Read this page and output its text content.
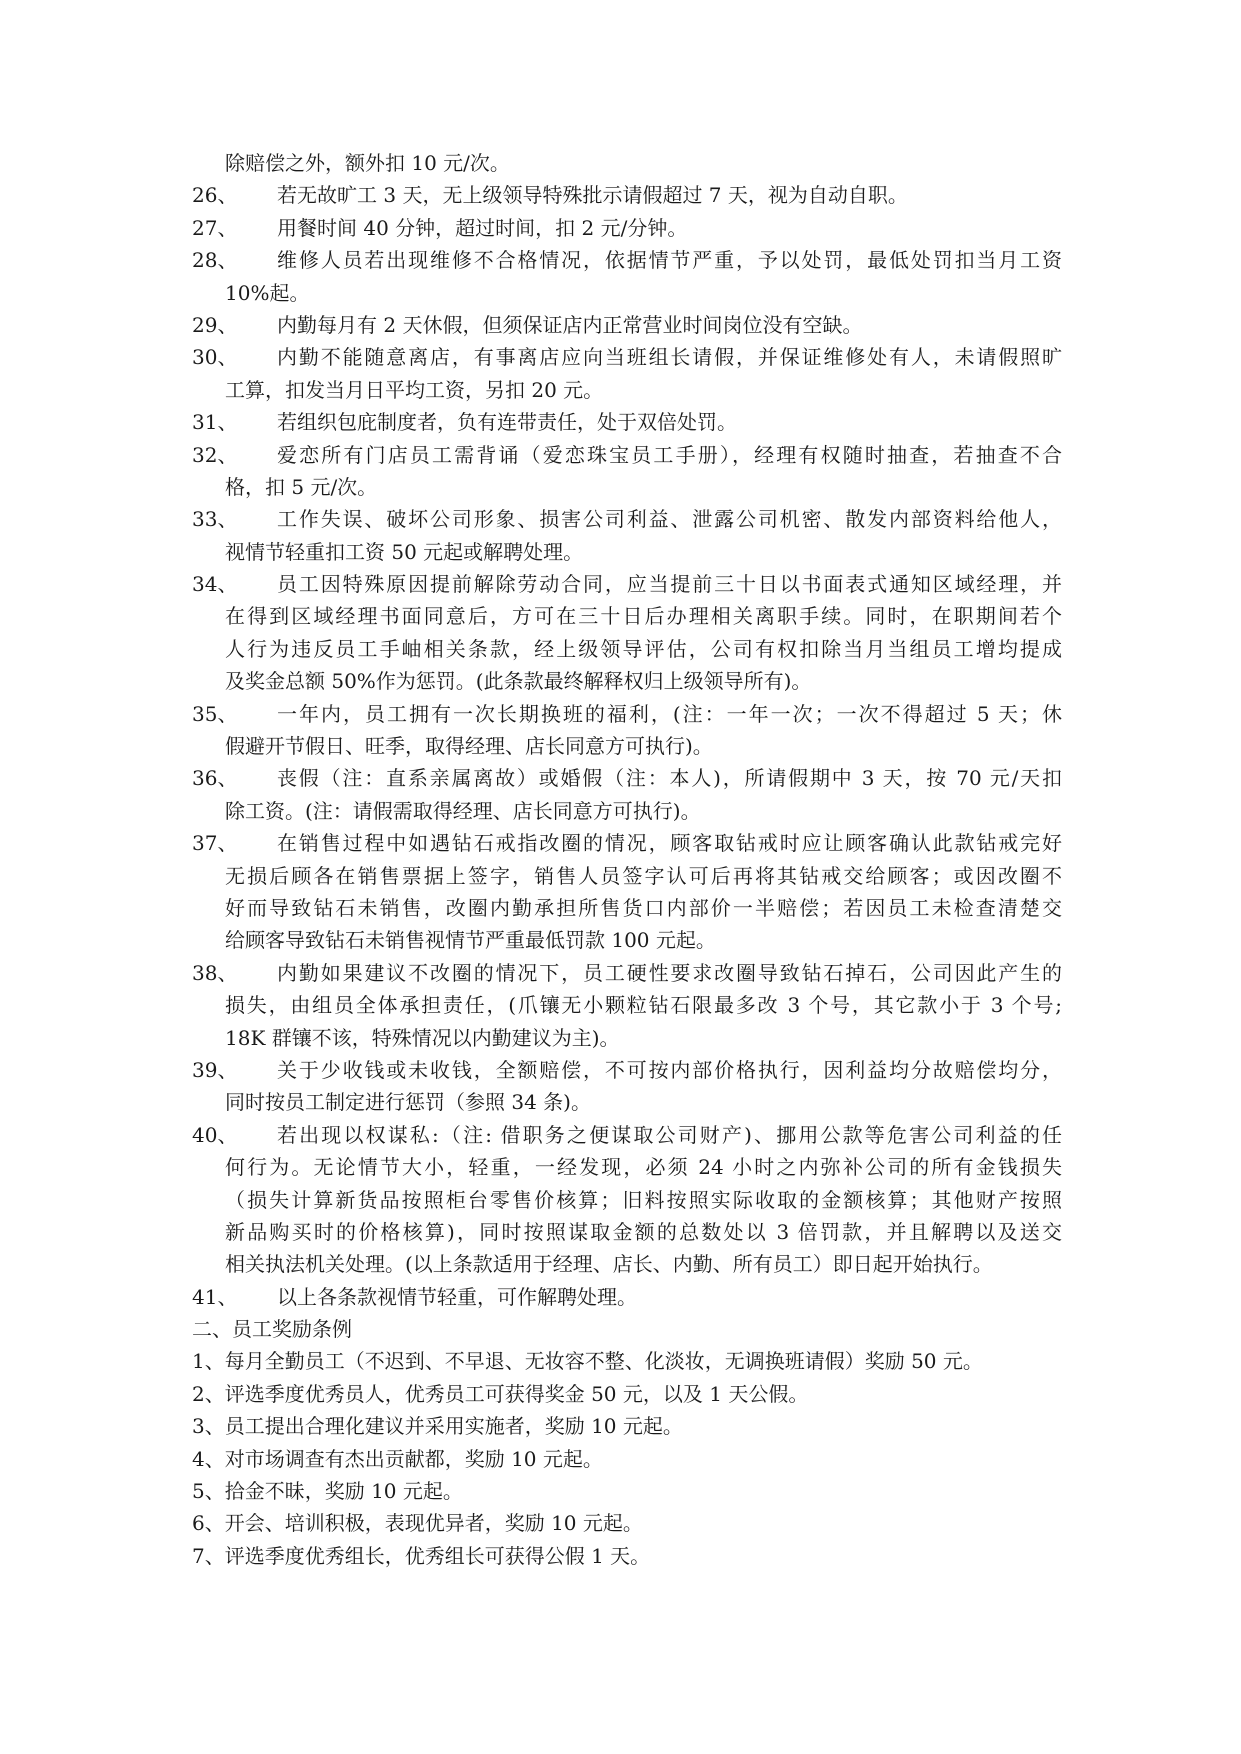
除赔偿之外，额外扣 10 元/次。
26、 若无故旷工 3 天，无上级领导特殊批示请假超过 7 天，视为自动自职。
27、 用餐时间 40 分钟，超过时间，扣 2 元/分钟。
28、 维修人员若出现维修不合格情况，依据情节严重，予以处罚，最低处罚扣当月工资
10%起。
29、 内勤每月有 2 天休假，但须保证店内正常营业时间岗位没有空缺。
30、 内勤不能随意离店，有事离店应向当班组长请假，并保证维修处有人，未请假照旷
工算，扣发当月日平均工资，另扣 20 元。
31、 若组织包庇制度者，负有连带责任，处于双倍处罚。
32、 爱恋所有门店员工需背诵（爱恋珠宝员工手册），经理有权随时抽查，若抽查不合
格，扣 5 元/次。
33、 工作失误、破坏公司形象、损害公司利益、泄露公司机密、散发内部资料给他人，
视情节轻重扣工资 50 元起或解聘处理。
34、 员工因特殊原因提前解除劳动合同，应当提前三十日以书面表式通知区域经理，并
在得到区域经理书面同意后，方可在三十日后办理相关离职手续。同时，在职期间若个
人行为违反员工手岫相关条款，经上级领导评估，公司有权扣除当月当组员工增均提成
及奖金总额 50%作为惩罚。(此条款最终解释权归上级领导所有)。
35、 一年内，员工拥有一次长期换班的福利，(注：一年一次；一次不得超过 5 天；休
假避开节假日、旺季，取得经理、店长同意方可执行)。
36、 丧假（注：直系亲属离故）或婚假（注：本人)，所请假期中 3 天，按 70 元/天扣
除工资。(注：请假需取得经理、店长同意方可执行)。
37、 在销售过程中如遇钻石戒指改圈的情况，顾客取钻戒时应让顾客确认此款钻戒完好
无损后顾各在销售票据上签字，销售人员签字认可后再将其钻戒交给顾客；或因改圈不
好而导致钻石未销售，改圈内勤承担所售货口内部价一半赔偿；若因员工未检查清楚交
给顾客导致钻石未销售视情节严重最低罚款 100 元起。
38、 内勤如果建议不改圈的情况下，员工硬性要求改圈导致钻石掉石，公司因此产生的
损失，由组员全体承担责任，(爪镶无小颗粒钻石限最多改 3 个号，其它款小于 3 个号;
18K 群镶不该，特殊情况以内勤建议为主)。
39、 关于少收钱或未收钱，全额赔偿，不可按内部价格执行，因利益均分故赔偿均分，
同时按员工制定进行惩罚（参照 34 条)。
40、 若出现以权谋私:（注: 借职务之便谋取公司财产)、挪用公款等危害公司利益的任
何行为。无论情节大小，轻重，一经发现，必须 24 小时之内弥补公司的所有金钱损失
（损失计算新货品按照柜台零售价核算；旧料按照实际收取的金额核算；其他财产按照
新品购买时的价格核算)，同时按照谋取金额的总数处以 3 倍罚款，并且解聘以及送交
相关执法机关处理。(以上条款适用于经理、店长、内勤、所有员工）即日起开始执行。
41、 以上各条款视情节轻重，可作解聘处理。
二、员工奖励条例
1、每月全勤员工（不迟到、不早退、无妆容不整、化淡妆，无调换班请假）奖励 50 元。
2、评选季度优秀员人，优秀员工可获得奖金 50 元，以及 1 天公假。
3、员工提出合理化建议并采用实施者，奖励 10 元起。
4、对市场调查有杰出贡献都，奖励 10 元起。
5、拾金不昧，奖励 10 元起。
6、开会、培训积极，表现优异者，奖励 10 元起。
7、评选季度优秀组长，优秀组长可获得公假 1 天。
